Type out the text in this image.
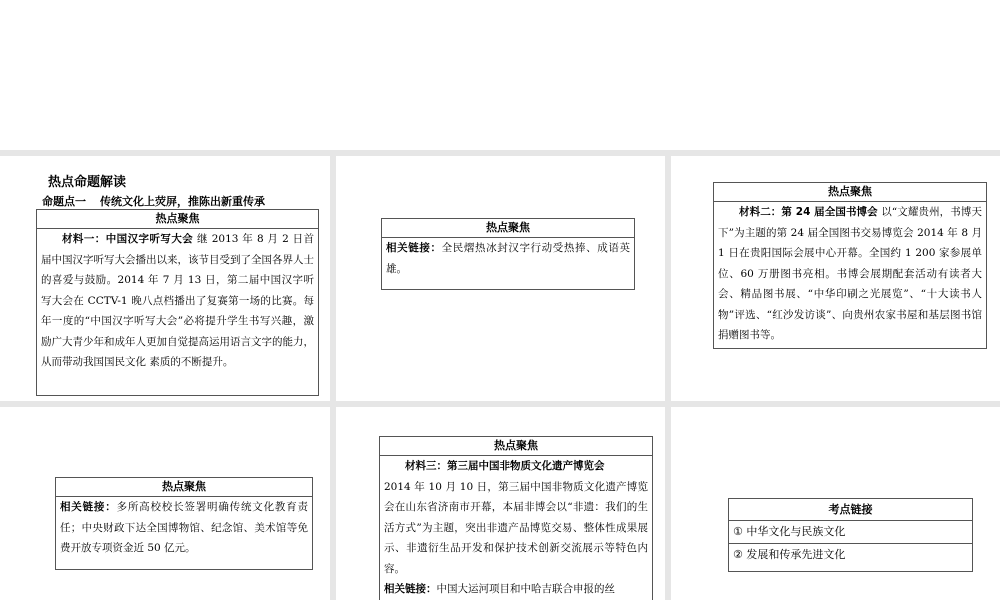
热点命题解读
命题点一 传统文化上荧屏，推陈出新重传承
热点聚焦
材料一：中国汉字听写大会 继 2013 年 8 月 2 日首届中国汉字听写大会播出以来，该节目受到了全国各界人士的喜爱与鼓励。2014 年 7 月 13 日，第二届中国汉字听写大会在 CCTV-1 晚八点档播出了复赛第一场的比赛。每年一度的“中国汉字听写大会”必将提升学生书写兴趣，激励广大青少年和成年人更加自觉提高运用语言文字的能力，从而带动我国国民文化 素质的不断提升。
热点聚焦
相关链接：全民熠热冰封汉字行动受热捧、成语英雄。
热点聚焦
材料二：第 24 届全国书博会 以“文耀贵州，书博天下”为主题的第 24 届全国图书交易博览会 2014 年 8 月 1 日在贵阳国际会展中心开幕。全国约 1 200 家参展单位、60 万册图书亮相。书博会展期配套活动有读者大会、精品图书展、“中华印刷之光展览”、“十大读书人物”评选、“红沙发访谈”、向贵州农家书屋和基层图书馆捐赠图书等。
热点聚焦
相关链接：多所高校校长签署明确传统文化教育责任；中央财政下达全国博物馆、纪念馆、美术馆等免费开放专项资金近 50 亿元。
热点聚焦
材料三：第三届中国非物质文化遗产博览会
2014 年 10 月 10 日，第三届中国非物质文化遗产博览会在山东省济南市开幕，本届非博会以“非遗：我们的生活方式”为主题，突出非遗产品博览交易、整体性成果展示、非遗衍生品开发和保护技术创新交流展示等特色内容。
相关链接：中国大运河项目和中哈吉联合申报的丝
考点链接
① 中华文化与民族文化
② 发展和传承先进文化
